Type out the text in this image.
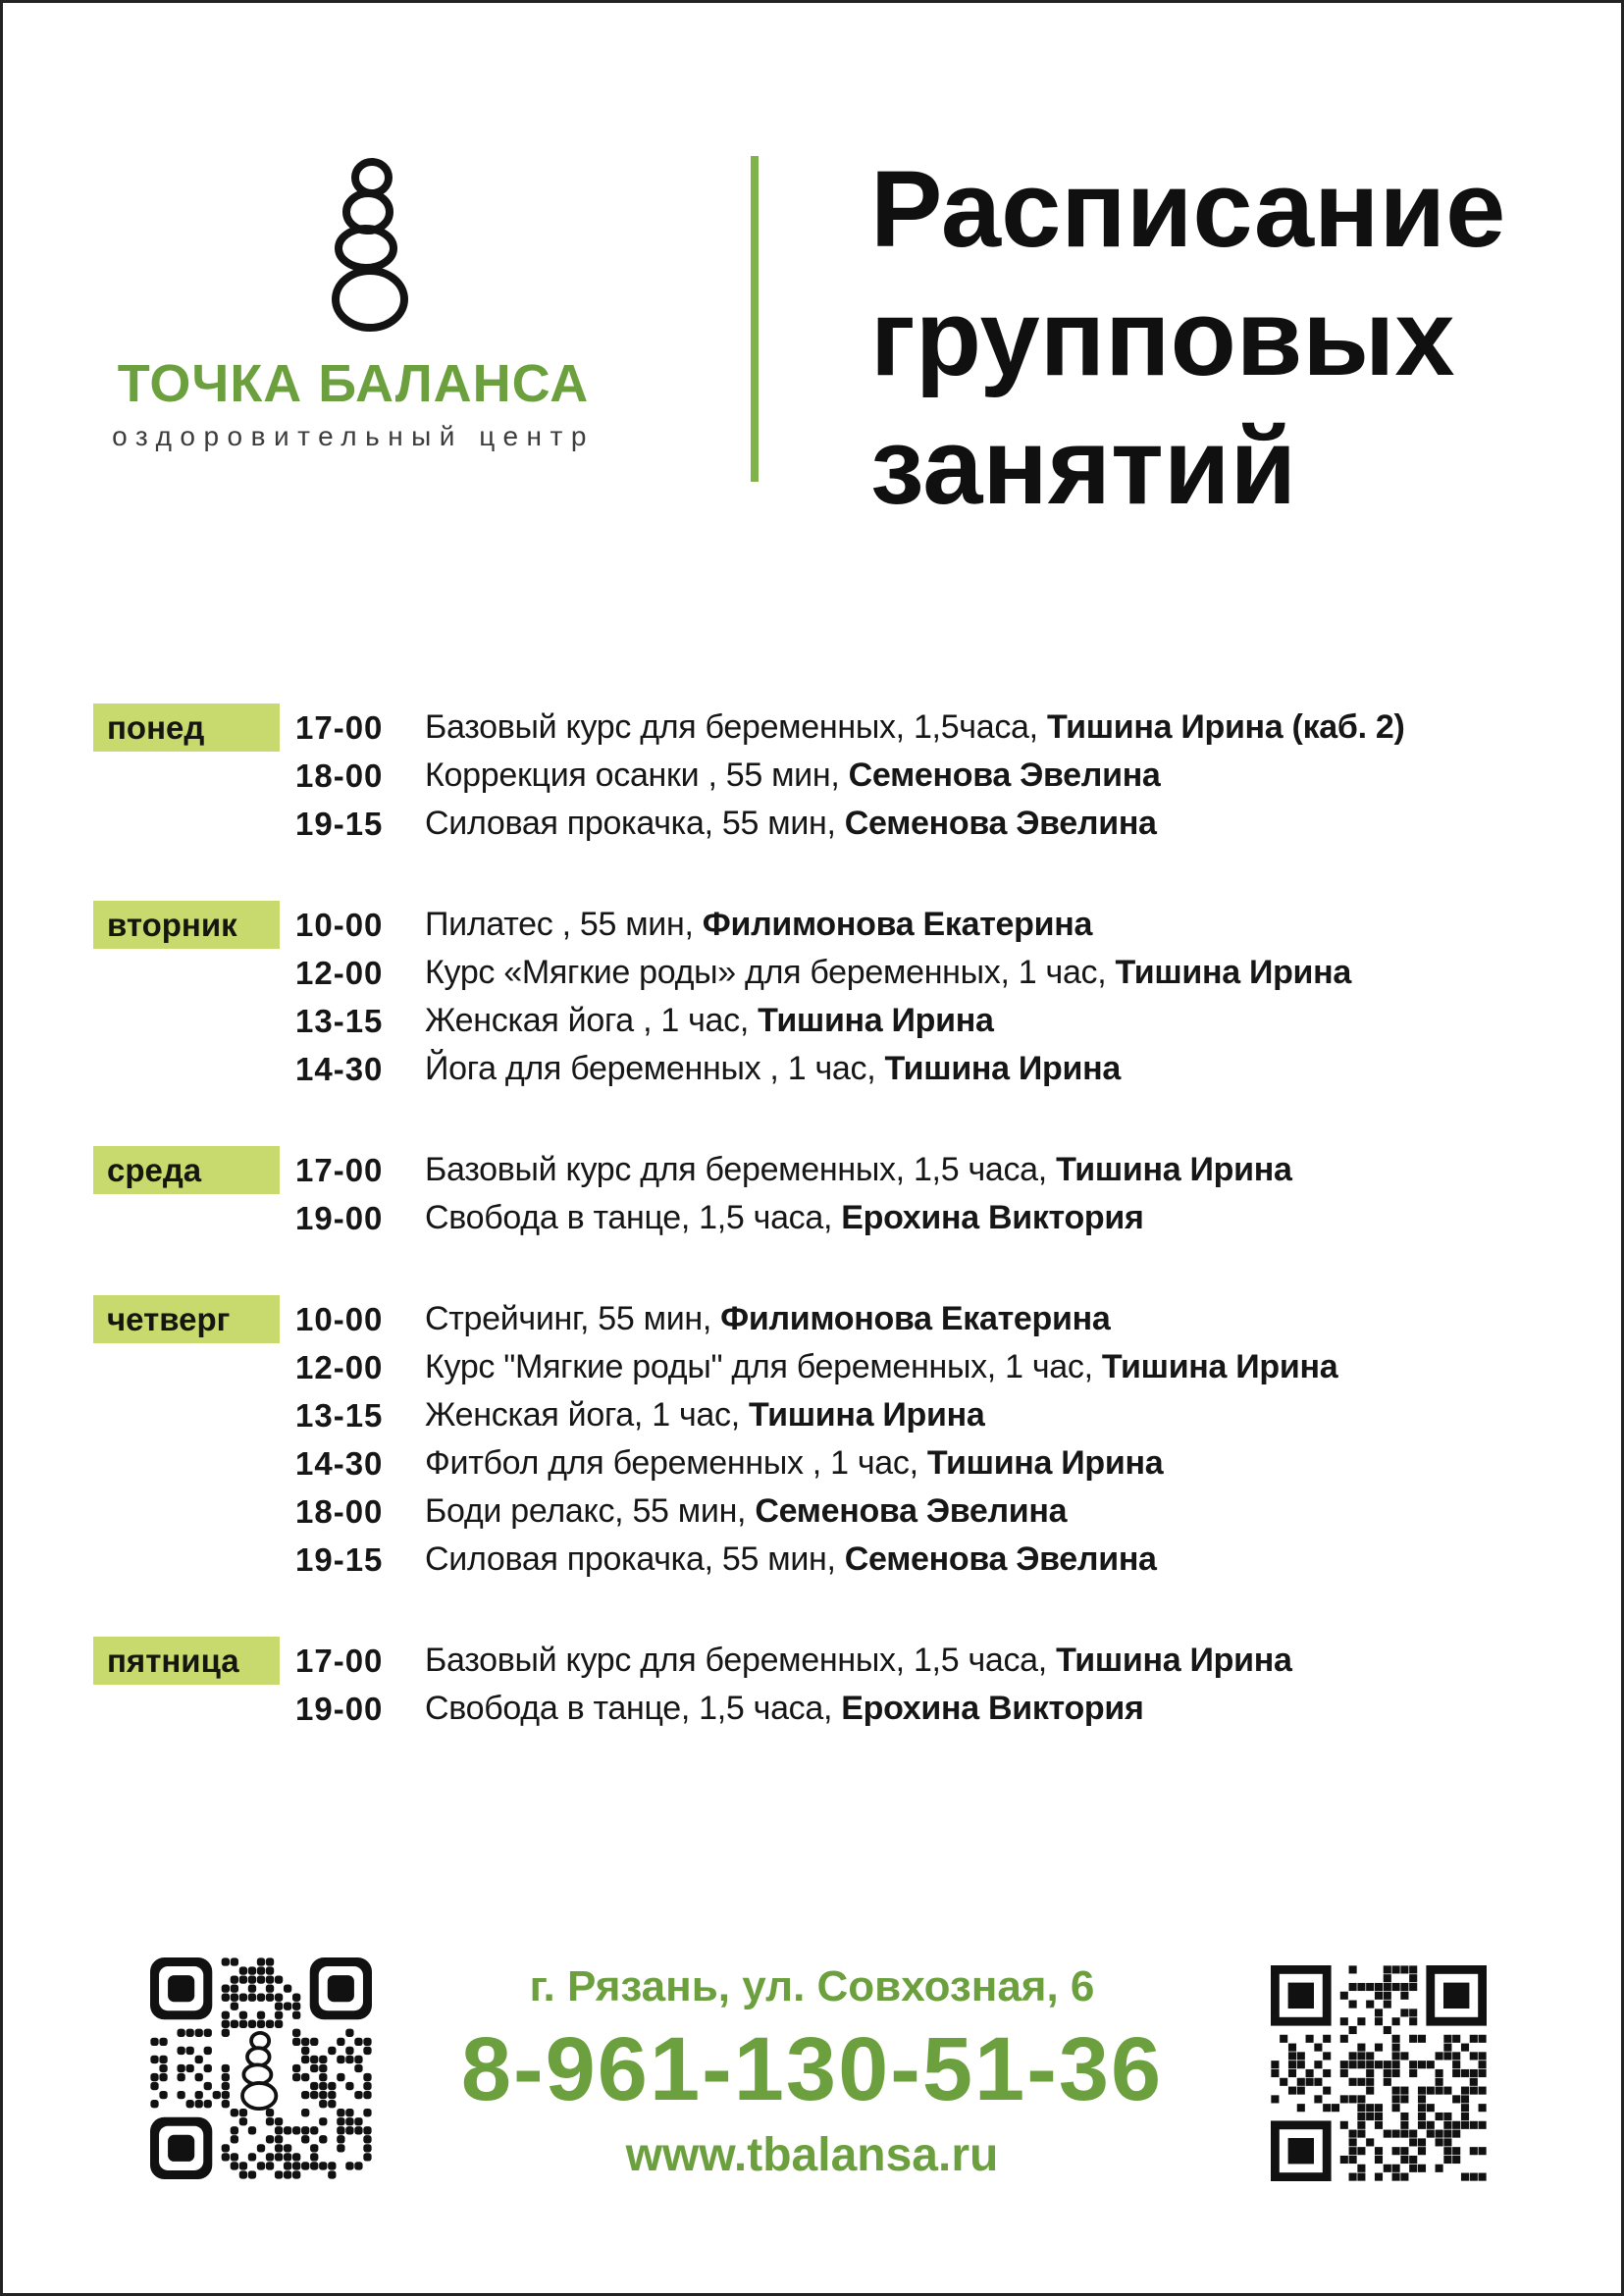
ТОЧКА БАЛАНСА
оздоровительный центр
Расписание
групповых
занятий
понед	17-00	Базовый курс для беременных, 1,5часа, Тишина Ирина (каб. 2)
18-00	Коррекция осанки , 55 мин, Семенова Эвелина
19-15	Силовая прокачка, 55 мин, Семенова Эвелина
вторник	10-00	Пилатес , 55 мин, Филимонова Екатерина
12-00	Курс «Мягкие роды» для беременных, 1 час, Тишина Ирина
13-15	Женская йога , 1 час, Тишина Ирина
14-30	Йога для беременных , 1 час, Тишина Ирина
среда	17-00	Базовый курс для беременных, 1,5 часа, Тишина Ирина
19-00	Свобода в танце, 1,5 часа, Ерохина Виктория
четверг	10-00	Стрейчинг, 55 мин, Филимонова Екатерина
12-00	Курс "Мягкие роды" для беременных, 1 час, Тишина Ирина
13-15	Женская йога, 1 час, Тишина Ирина
14-30	Фитбол для беременных , 1 час, Тишина Ирина
18-00	Боди релакс, 55 мин, Семенова Эвелина
19-15	Силовая прокачка, 55 мин, Семенова Эвелина
пятница	17-00	Базовый курс для беременных, 1,5 часа, Тишина Ирина
19-00	Свобода в танце, 1,5 часа, Ерохина Виктория
г. Рязань, ул. Совхозная, 6
8-961-130-51-36
www.tbalansa.ru
